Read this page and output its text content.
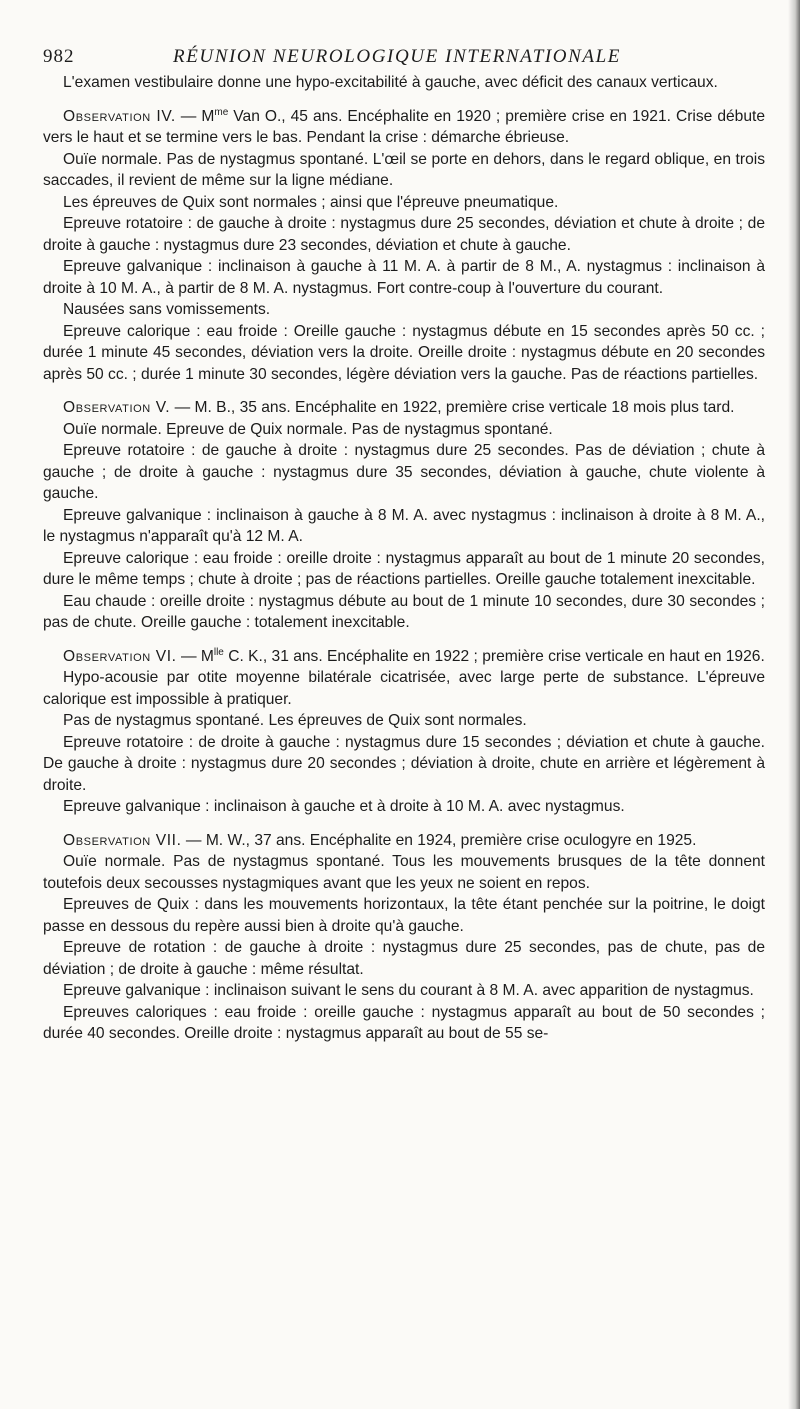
982	RÉUNION NEUROLOGIQUE INTERNATIONALE

L'examen vestibulaire donne une hypo-excitabilité à gauche, avec déficit des canaux verticaux.

Observation IV. — $M^{me}$ Van O., 45 ans. Encéphalite en 1920 ; première crise en 1921. Crise débute vers le haut et se termine vers le bas. Pendant la crise : démarche ébrieuse.

Ouïe normale. Pas de nystagmus spontané. L'œil se porte en dehors, dans le regard oblique, en trois saccades, il revient de même sur la ligne médiane.

Les épreuves de Quix sont normales ; ainsi que l'épreuve pneumatique.

Epreuve rotatoire : de gauche à droite : nystagmus dure 25 secondes, déviation et chute à droite ; de droite à gauche : nystagmus dure 23 secondes, déviation et chute à gauche.

Epreuve galvanique : inclinaison à gauche à 11 M. A. à partir de 8 M., A. nystagmus : inclinaison à droite à 10 M. A., à partir de 8 M. A. nystagmus. Fort contre-coup à l'ouverture du courant.

Nausées sans vomissements.

Epreuve calorique : eau froide : Oreille gauche : nystagmus débute en 15 secondes après 50 cc. ; durée 1 minute 45 secondes, déviation vers la droite. Oreille droite : nystagmus débute en 20 secondes après 50 cc. ; durée 1 minute 30 secondes, légère déviation vers la gauche. Pas de réactions partielles.

Observation V. — M. B., 35 ans. Encéphalite en 1922, première crise verticale 18 mois plus tard.

Ouïe normale. Epreuve de Quix normale. Pas de nystagmus spontané.

Epreuve rotatoire : de gauche à droite : nystagmus dure 25 secondes. Pas de déviation ; chute à gauche ; de droite à gauche : nystagmus dure 35 secondes, déviation à gauche, chute violente à gauche.

Epreuve galvanique : inclinaison à gauche à 8 M. A. avec nystagmus : inclinaison à droite à 8 M. A., le nystagmus n'apparaît qu'à 12 M. A.

Epreuve calorique : eau froide : oreille droite : nystagmus apparaît au bout de 1 minute 20 secondes, dure le même temps ; chute à droite ; pas de réactions partielles. Oreille gauche totalement inexcitable.

Eau chaude : oreille droite : nystagmus débute au bout de 1 minute 10 secondes, dure 30 secondes ; pas de chute. Oreille gauche : totalement inexcitable.

Observation VI. — $M^{lle}$ C. K., 31 ans. Encéphalite en 1922 ; première crise verticale en haut en 1926.

Hypo-acousie par otite moyenne bilatérale cicatrisée, avec large perte de substance. L'épreuve calorique est impossible à pratiquer.

Pas de nystagmus spontané. Les épreuves de Quix sont normales.

Epreuve rotatoire : de droite à gauche : nystagmus dure 15 secondes ; déviation et chute à gauche. De gauche à droite : nystagmus dure 20 secondes ; déviation à droite, chute en arrière et légèrement à droite.

Epreuve galvanique : inclinaison à gauche et à droite à 10 M. A. avec nystagmus.

Observation VII. — M. W., 37 ans. Encéphalite en 1924, première crise oculogyre en 1925.

Ouïe normale. Pas de nystagmus spontané. Tous les mouvements brusques de la tête donnent toutefois deux secousses nystagmiques avant que les yeux ne soient en repos.

Epreuves de Quix : dans les mouvements horizontaux, la tête étant penchée sur la poitrine, le doigt passe en dessous du repère aussi bien à droite qu'à gauche.

Epreuve de rotation : de gauche à droite : nystagmus dure 25 secondes, pas de chute, pas de déviation ; de droite à gauche : même résultat.

Epreuve galvanique : inclinaison suivant le sens du courant à 8 M. A. avec apparition de nystagmus.

Epreuves caloriques : eau froide : oreille gauche : nystagmus apparaît au bout de 50 secondes ; durée 40 secondes. Oreille droite : nystagmus apparaît au bout de 55 se-
